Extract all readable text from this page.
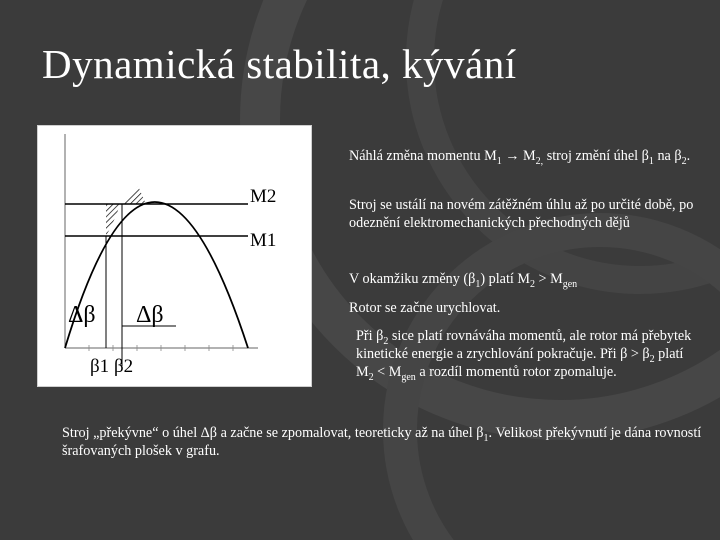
Dynamická stabilita, kývání
M2
M1
Δβ Δβ
β1 β2
Náhlá změna momentu $M_1 \to M_{2,}$ stroj změní úhel $\beta_1$ na $\beta_2$.
Stroj se ustálí na novém zátěžném úhlu až po určité době, po odeznění elektromechanických přechodných dějů
V okamžiku změny $(\beta_1)$ platí $M_2 > M_{gen}$
Rotor se začne urychlovat.
Při $\beta_2$ sice platí rovnáváha momentů, ale rotor má přebytek kinetické energie a zrychlování pokračuje. Při $\beta > \beta_2$ platí $M_2 < M_{gen}$ a rozdíl momentů rotor zpomaluje.
Stroj „překývne“ o úhel Δβ a začne se zpomalovat, teoreticky až na úhel $\beta_1$. Velikost překývnutí je dána rovností šrafovaných plošek v grafu.
